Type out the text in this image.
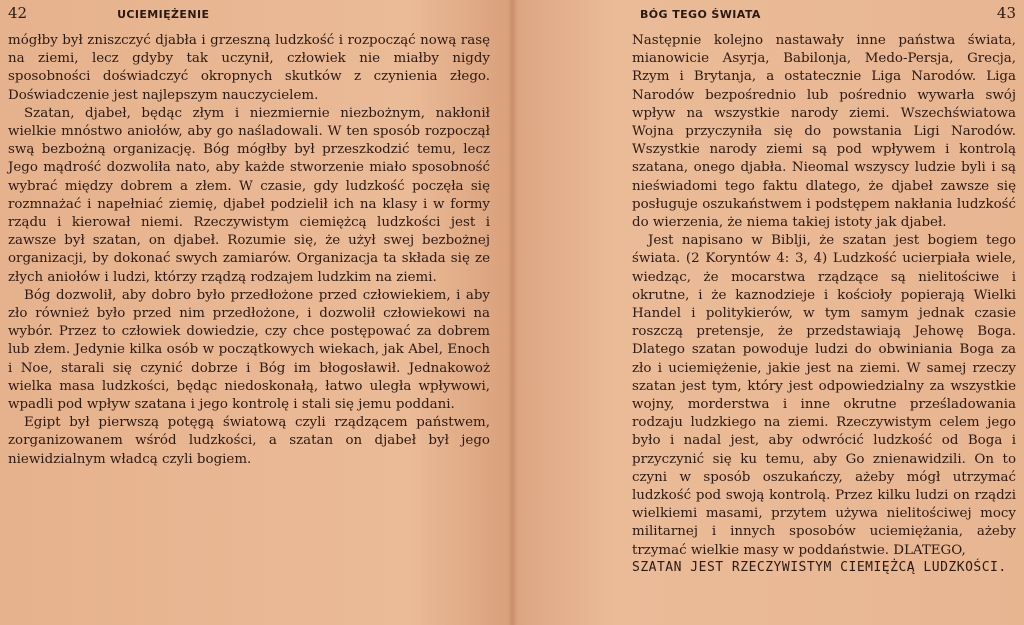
42	UCIEMIĘŻENIE

mógłby był zniszczyć djabła i grzeszną ludzkość i rozpocząć nową rasę na ziemi, lecz gdyby tak uczynił, człowiek nie miałby nigdy sposobności doświadczyć okropnych skutków z czynienia złego. Doświadczenie jest najlepszym nauczycielem.

Szatan, djabeł, będąc złym i niezmiernie niezbożnym, nakłonił wielkie mnóstwo aniołów, aby go naśladowali. W ten sposób rozpoczął swą bezbożną organizację. Bóg mógłby był przeszkodzić temu, lecz Jego mądrość dozwoliła nato, aby każde stworzenie miało sposobność wybrać między dobrem a złem. W czasie, gdy ludzkość poczęła się rozmnażać i napełniać ziemię, djabeł podzielił ich na klasy i w formy rządu i kierował niemi. Rzeczywistym ciemiężcą ludzkości jest i zawsze był szatan, on djabeł. Rozumie się, że użył swej bezbożnej organizacji, by dokonać swych zamiarów. Organizacja ta składa się ze złych aniołów i ludzi, którzy rządzą rodzajem ludzkim na ziemi.

Bóg dozwolił, aby dobro było przedłożone przed człowiekiem, i aby zło również było przed nim przedłożone, i dozwolił człowiekowi na wybór. Przez to człowiek dowiedzie, czy chce postępować za dobrem lub złem. Jedynie kilka osób w początkowych wiekach, jak Abel, Enoch i Noe, starali się czynić dobrze i Bóg im błogosławił. Jednakowoż wielka masa ludzkości, będąc niedoskonałą, łatwo uległa wpływowi, wpadli pod wpływ szatana i jego kontrolę i stali się jemu poddani.

Egipt był pierwszą potęgą światową czyli rządzącem państwem, zorganizowanem wśród ludzkości, a szatan on djabeł był jego niewidzialnym władcą czyli bogiem.

BÓG TEGO ŚWIATA	43

Następnie kolejno nastawały inne państwa świata, mianowicie Asyrja, Babilonja, Medo-Persja, Grecja, Rzym i Brytanja, a ostatecznie Liga Narodów. Liga Narodów bezpośrednio lub pośrednio wywarła swój wpływ na wszystkie narody ziemi. Wszechświatowa Wojna przyczyniła się do powstania Ligi Narodów. Wszystkie narody ziemi są pod wpływem i kontrolą szatana, onego djabła. Nieomal wszyscy ludzie byli i są nieświadomi tego faktu dlatego, że djabeł zawsze się posługuje oszukaństwem i podstępem nakłania ludzkość do wierzenia, że niema takiej istoty jak djabeł.

Jest napisano w Biblji, że szatan jest bogiem tego świata. (2 Koryntów 4: 3, 4) Ludzkość ucierpiała wiele, wiedząc, że mocarstwa rządzące są nielitościwe i okrutne, i że kaznodzieje i kościoły popierają Wielki Handel i politykierów, w tym samym jednak czasie roszczą pretensje, że przedstawiają Jehowę Boga. Dlatego szatan powoduje ludzi do obwiniania Boga za zło i uciemiężenie, jakie jest na ziemi. W samej rzeczy szatan jest tym, który jest odpowiedzialny za wszystkie wojny, morderstwa i inne okrutne prześladowania rodzaju ludzkiego na ziemi. Rzeczywistym celem jego było i nadal jest, aby odwrócić ludzkość od Boga i przyczynić się ku temu, aby Go znienawidzili. On to czyni w sposób oszukańczy, ażeby mógł utrzymać ludzkość pod swoją kontrolą. Przez kilku ludzi on rządzi wielkiemi masami, przytem używa nielitościwej mocy militarnej i innych sposobów uciemiężania, ażeby trzymać wielkie masy w poddaństwie. DLATEGO,

SZATAN JEST RZECZYWISTYM CIEMIĘŻCĄ LUDZKOŚCI.
